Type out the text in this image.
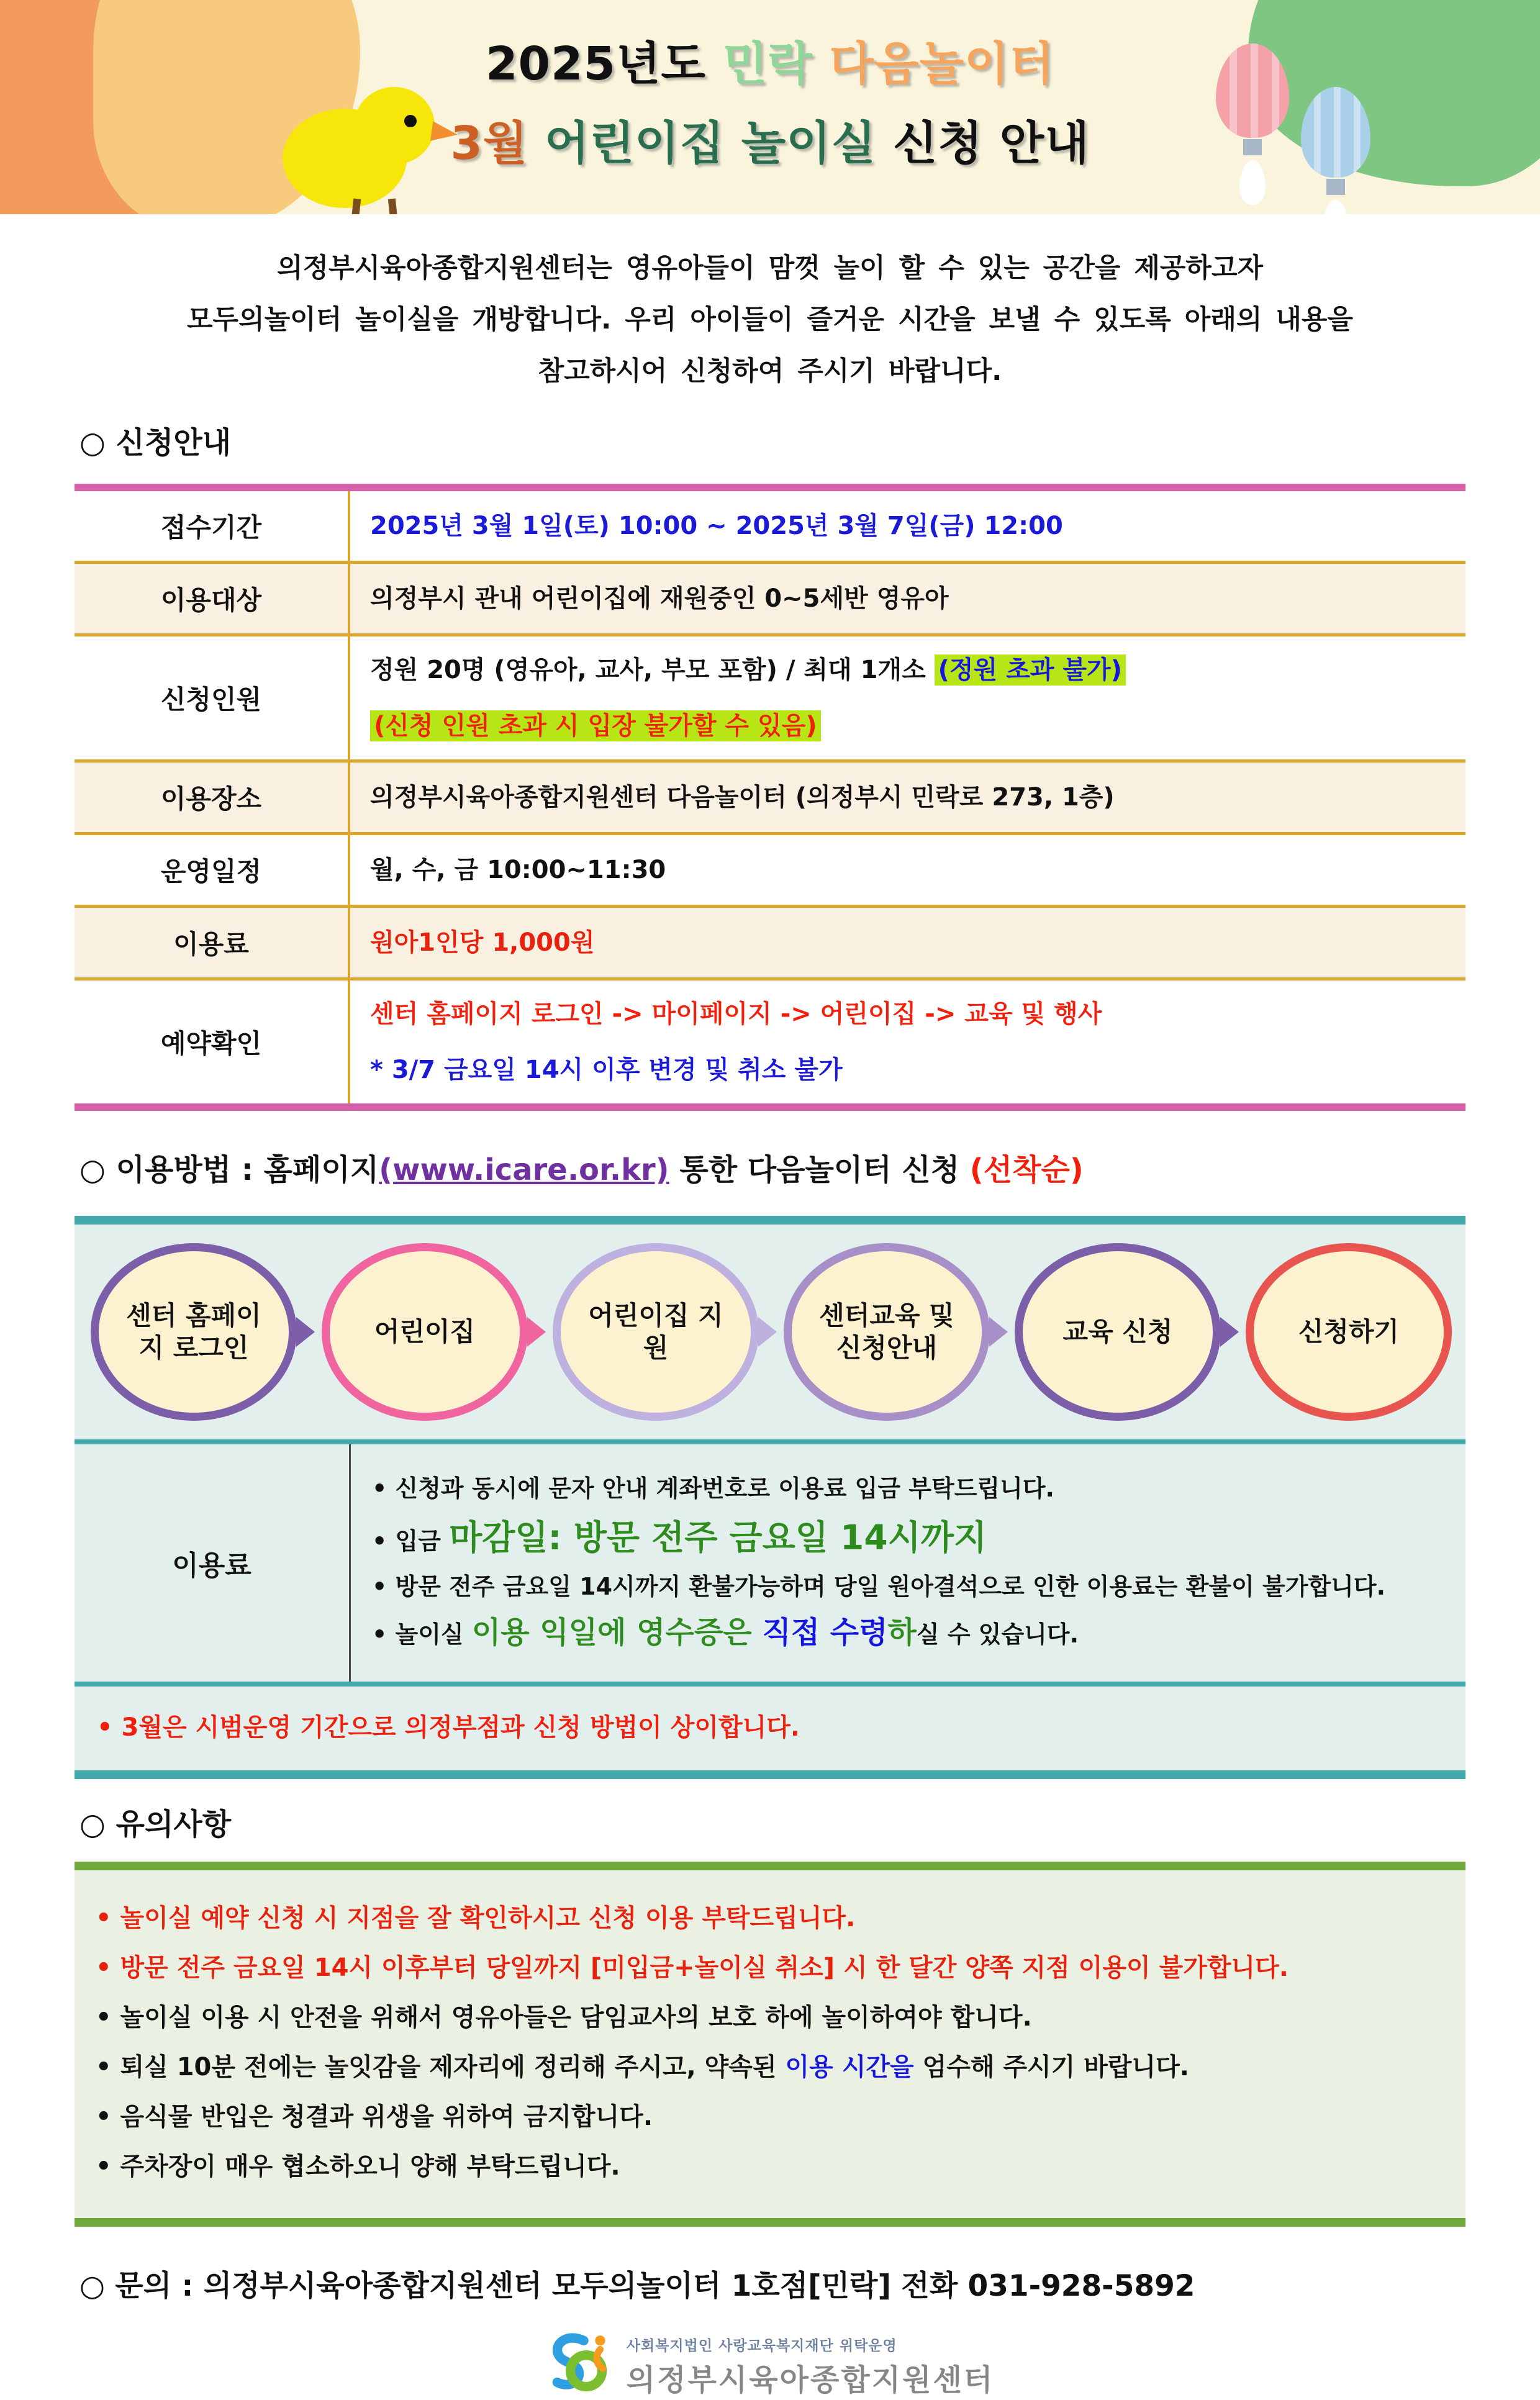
2025년도 민락 다음놀이터
3월 어린이집 놀이실 신청 안내
의정부시육아종합지원센터는 영유아들이 맘껏 놀이 할 수 있는 공간을 제공하고자
모두의놀이터 놀이실을 개방합니다. 우리 아이들이 즐거운 시간을 보낼 수 있도록 아래의 내용을
참고하시어 신청하여 주시기 바랍니다.
○ 신청안내
접수기간	2025년 3월 1일(토) 10:00 ~ 2025년 3월 7일(금) 12:00
이용대상	의정부시 관내 어린이집에 재원중인 0~5세반 영유아
신청인원	정원 20명 (영유아, 교사, 부모 포함) / 최대 1개소 (정원 초과 불가)
(신청 인원 초과 시 입장 불가할 수 있음)

이용장소	의정부시육아종합지원센터 다음놀이터 (의정부시 민락로 273, 1층)
운영일정	월, 수, 금 10:00~11:30
이용료	원아1인당 1,000원
예약확인	센터 홈페이지 로그인 -> 마이페이지 -> 어린이집 -> 교육 및 행사
* 3/7 금요일 14시 이후 변경 및 취소 불가
○ 이용방법 : 홈페이지(www.icare.or.kr) 통한 다음놀이터 신청 (선착순)
센터 홈페이지 로그인
어린이집
어린이집 지원
센터교육 및 신청안내
교육 신청	신청하기
이용료
• 신청과 동시에 문자 안내 계좌번호로 이용료 입금 부탁드립니다.
• 입금 마감일: 방문 전주 금요일 14시까지
• 방문 전주 금요일 14시까지 환불가능하며 당일 원아결석으로 인한 이용료는 환불이 불가합니다.
• 놀이실 이용 익일에 영수증은 직접 수령하실 수 있습니다.
• 3월은 시범운영 기간으로 의정부점과 신청 방법이 상이합니다.
○ 유의사항
• 놀이실 예약 신청 시 지점을 잘 확인하시고 신청 이용 부탁드립니다.
• 방문 전주 금요일 14시 이후부터 당일까지 [미입금+놀이실 취소] 시 한 달간 양쪽 지점 이용이 불가합니다.
• 놀이실 이용 시 안전을 위해서 영유아들은 담임교사의 보호 하에 놀이하여야 합니다.
• 퇴실 10분 전에는 놀잇감을 제자리에 정리해 주시고, 약속된 이용 시간을 엄수해 주시기 바랍니다.
• 음식물 반입은 청결과 위생을 위하여 금지합니다.
• 주차장이 매우 협소하오니 양해 부탁드립니다.
○ 문의 : 의정부시육아종합지원센터 모두의놀이터 1호점[민락] 전화 031-928-5892
사회복지법인 사랑교육복지재단 위탁운영
의정부시육아종합지원센터
